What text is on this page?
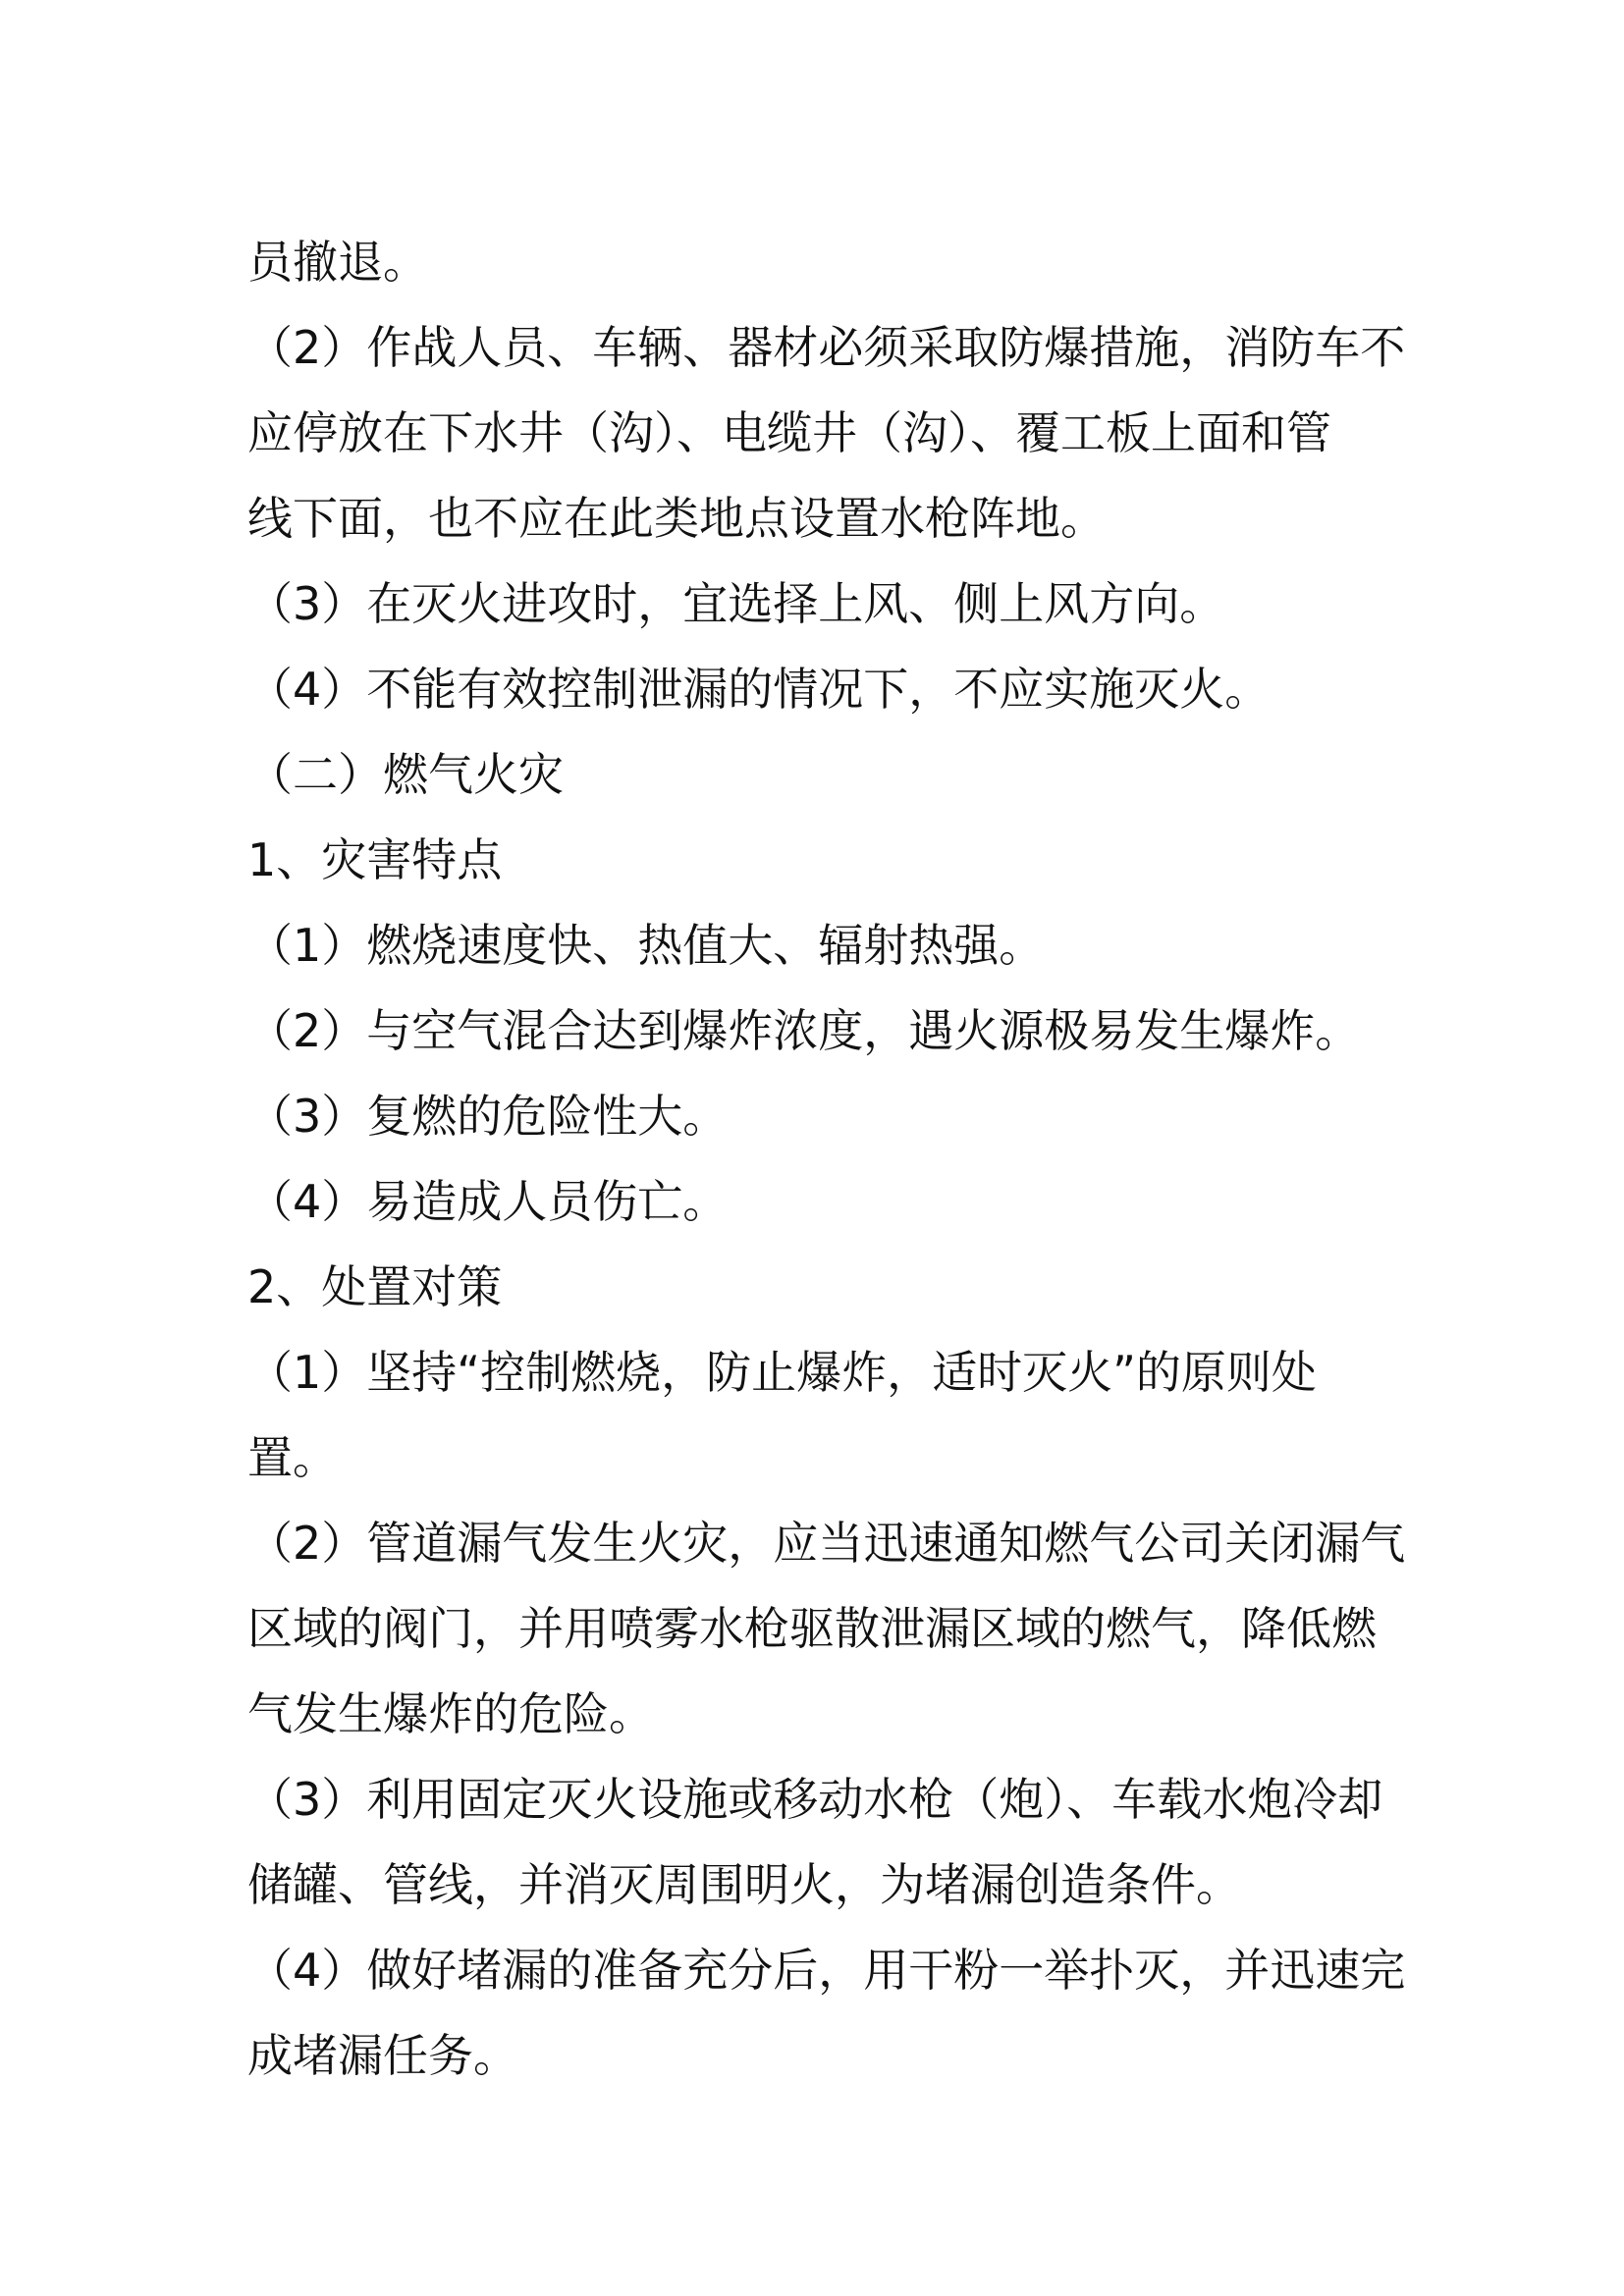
员撤退。
（2）作战人员、车辆、器材必须采取防爆措施，消防车不
应停放在下水井（沟）、电缆井（沟）、覆工板上面和管
线下面，也不应在此类地点设置水枪阵地。
（3）在灭火进攻时，宜选择上风、侧上风方向。
（4）不能有效控制泄漏的情况下，不应实施灭火。
（二）燃气火灾
1、灾害特点
（1）燃烧速度快、热值大、辐射热强。
（2）与空气混合达到爆炸浓度，遇火源极易发生爆炸。
（3）复燃的危险性大。
（4）易造成人员伤亡。
2、处置对策
（1）坚持“控制燃烧，防止爆炸，适时灭火”的原则处
置。
（2）管道漏气发生火灾，应当迅速通知燃气公司关闭漏气
区域的阀门，并用喷雾水枪驱散泄漏区域的燃气，降低燃
气发生爆炸的危险。
（3）利用固定灭火设施或移动水枪（炮）、车载水炮冷却
储罐、管线，并消灭周围明火，为堵漏创造条件。
（4）做好堵漏的准备充分后，用干粉一举扑灭，并迅速完
成堵漏任务。
